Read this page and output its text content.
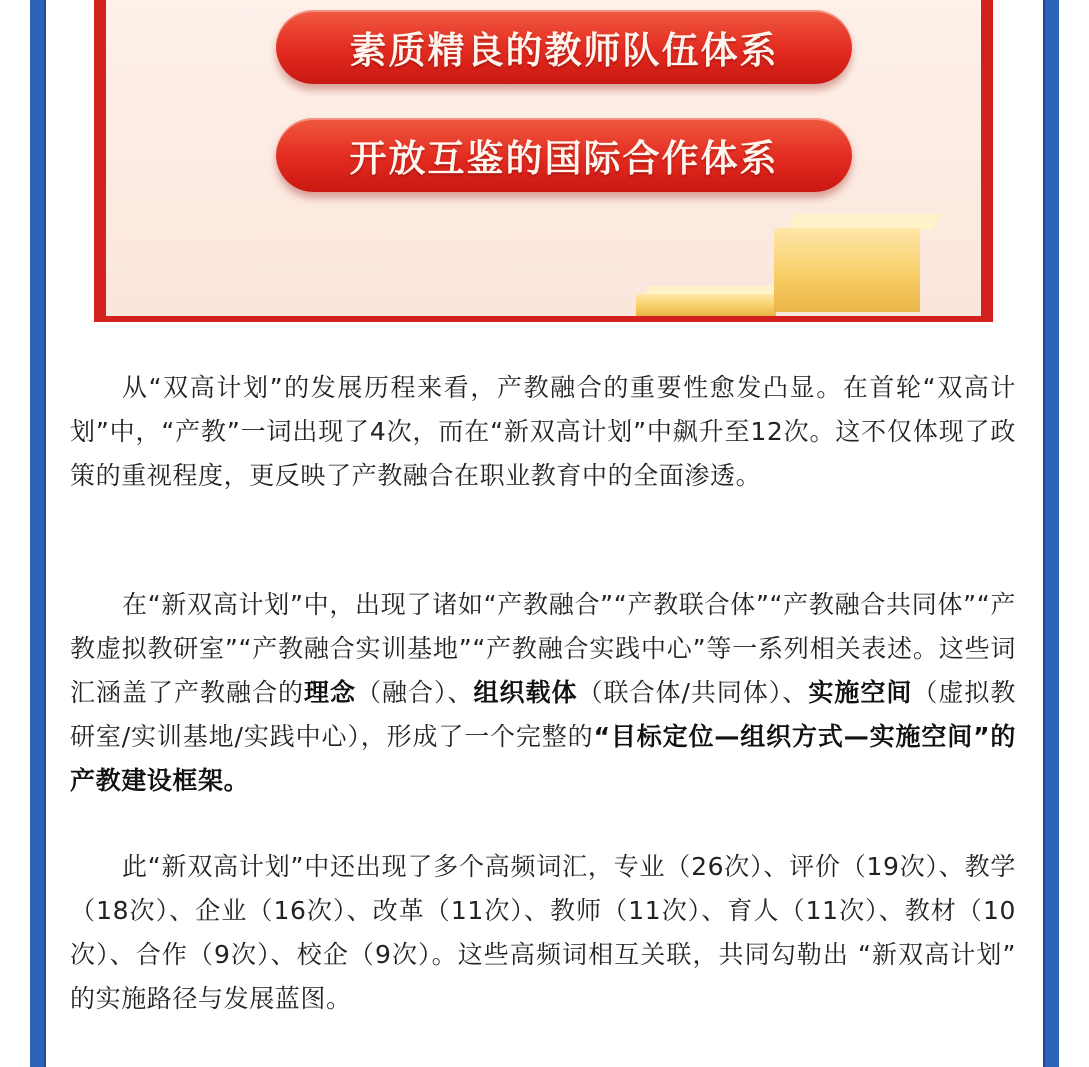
素质精良的教师队伍体系
开放互鉴的国际合作体系

从“双高计划”的发展历程来看，产教融合的重要性愈发凸显。在首轮“双高计划”中，“产教”一词出现了4次，而在“新双高计划”中飙升至12次。这不仅体现了政策的重视程度，更反映了产教融合在职业教育中的全面渗透。

在“新双高计划”中，出现了诸如“产教融合”“产教联合体”“产教融合共同体”“产教虚拟教研室”“产教融合实训基地”“产教融合实践中心”等一系列相关表述。这些词汇涵盖了产教融合的理念（融合）、组织载体（联合体/共同体）、实施空间（虚拟教研室/实训基地/实践中心），形成了一个完整的“目标定位—组织方式—实施空间”的产教建设框架。

此“新双高计划”中还出现了多个高频词汇，专业（26次）、评价（19次）、教学（18次）、企业（16次）、改革（11次）、教师（11次）、育人（11次）、教材（10次）、合作（9次）、校企（9次）。这些高频词相互关联，共同勾勒出 “新双高计划” 的实施路径与发展蓝图。
